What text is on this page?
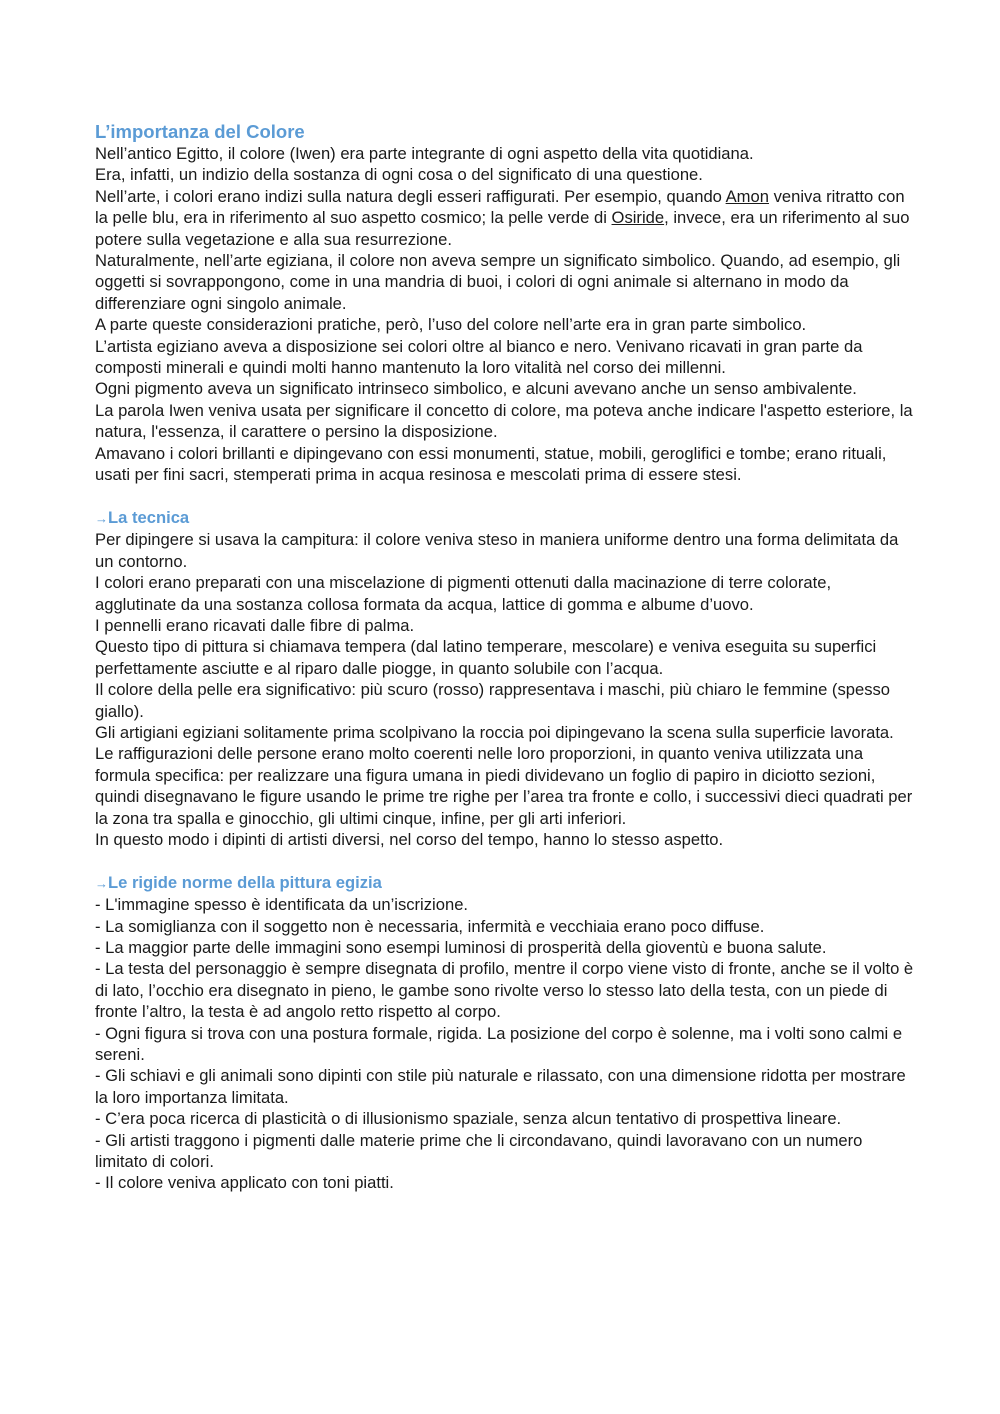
L’importanza del Colore

Nell’antico Egitto, il colore (Iwen) era parte integrante di ogni aspetto della vita quotidiana.

Era, infatti, un indizio della sostanza di ogni cosa o del significato di una questione.

Nell’arte, i colori erano indizi sulla natura degli esseri raffigurati. Per esempio, quando Amon veniva ritratto con la pelle blu, era in riferimento al suo aspetto cosmico; la pelle verde di Osiride, invece, era un riferimento al suo potere sulla vegetazione e alla sua resurrezione.

Naturalmente, nell’arte egiziana, il colore non aveva sempre un significato simbolico. Quando, ad esempio, gli oggetti si sovrappongono, come in una mandria di buoi, i colori di ogni animale si alternano in modo da differenziare ogni singolo animale.

A parte queste considerazioni pratiche, però, l’uso del colore nell’arte era in gran parte simbolico.

L’artista egiziano aveva a disposizione sei colori oltre al bianco e nero. Venivano ricavati in gran parte da composti minerali e quindi molti hanno mantenuto la loro vitalità nel corso dei millenni.

Ogni pigmento aveva un significato intrinseco simbolico, e alcuni avevano anche un senso ambivalente.

La parola Iwen veniva usata per significare il concetto di colore, ma poteva anche indicare l'aspetto esteriore, la natura, l'essenza, il carattere o persino la disposizione.

Amavano i colori brillanti e dipingevano con essi monumenti, statue, mobili, geroglifici e tombe; erano rituali, usati per fini sacri, stemperati prima in acqua resinosa e mescolati prima di essere stesi.

→La tecnica

Per dipingere si usava la campitura: il colore veniva steso in maniera uniforme dentro una forma delimitata da un contorno.

I colori erano preparati con una miscelazione di pigmenti ottenuti dalla macinazione di terre colorate, agglutinate da una sostanza collosa formata da acqua, lattice di gomma e albume d’uovo.

I pennelli erano ricavati dalle fibre di palma.

Questo tipo di pittura si chiamava tempera (dal latino temperare, mescolare) e veniva eseguita su superfici perfettamente asciutte e al riparo dalle piogge, in quanto solubile con l’acqua.

Il colore della pelle era significativo: più scuro (rosso) rappresentava i maschi, più chiaro le femmine (spesso giallo).

Gli artigiani egiziani solitamente prima scolpivano la roccia poi dipingevano la scena sulla superficie lavorata. Le raffigurazioni delle persone erano molto coerenti nelle loro proporzioni, in quanto veniva utilizzata una formula specifica: per realizzare una figura umana in piedi dividevano un foglio di papiro in diciotto sezioni, quindi disegnavano le figure usando le prime tre righe per l’area tra fronte e collo, i successivi dieci quadrati per la zona tra spalla e ginocchio, gli ultimi cinque, infine, per gli arti inferiori.

In questo modo i dipinti di artisti diversi, nel corso del tempo, hanno lo stesso aspetto.

→Le rigide norme della pittura egizia

- L'immagine spesso è identificata da un’iscrizione.

- La somiglianza con il soggetto non è necessaria, infermità e vecchiaia erano poco diffuse.

- La maggior parte delle immagini sono esempi luminosi di prosperità della gioventù e buona salute.

- La testa del personaggio è sempre disegnata di profilo, mentre il corpo viene visto di fronte, anche se il volto è di lato, l’occhio era disegnato in pieno, le gambe sono rivolte verso lo stesso lato della testa, con un piede di fronte l’altro, la testa è ad angolo retto rispetto al corpo.

- Ogni figura si trova con una postura formale, rigida. La posizione del corpo è solenne, ma i volti sono calmi e sereni.

- Gli schiavi e gli animali sono dipinti con stile più naturale e rilassato, con una dimensione ridotta per mostrare la loro importanza limitata.

- C’era poca ricerca di plasticità o di illusionismo spaziale, senza alcun tentativo di prospettiva lineare.

- Gli artisti traggono i pigmenti dalle materie prime che li circondavano, quindi lavoravano con un numero limitato di colori.

- Il colore veniva applicato con toni piatti.
